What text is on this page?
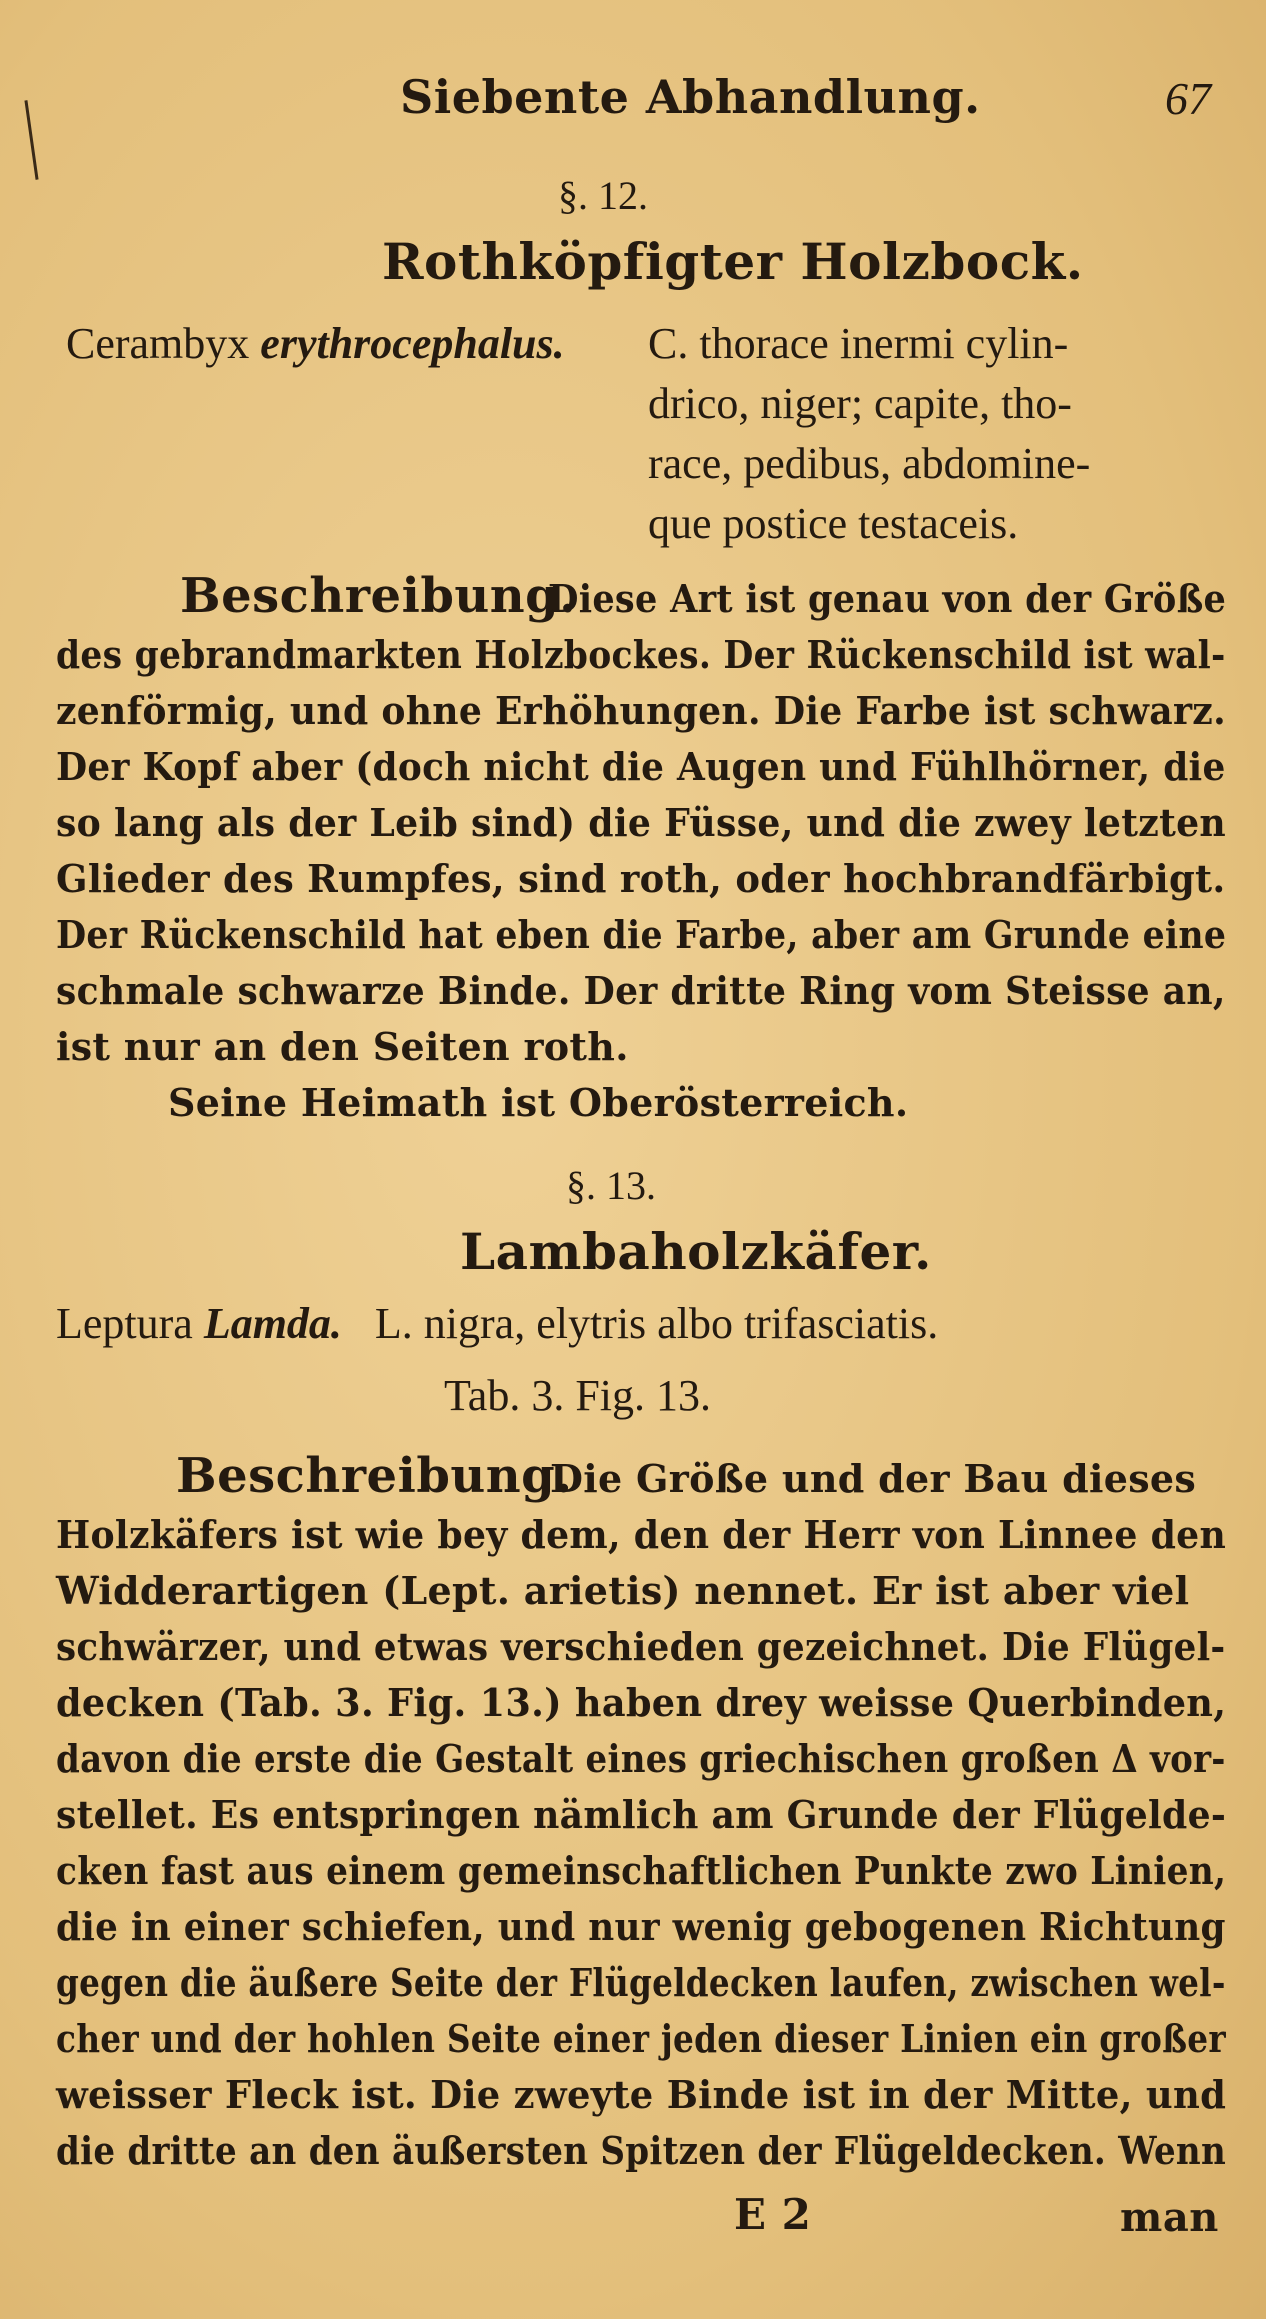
Siebente Abhandlung.	67
§. 12.
Rothköpfigter Holzbock.
Cerambyx erythrocephalus. C. thorace inermi cylin-
drico, niger; capite, tho-
race, pedibus, abdomine-
que postice testaceis.
Beschreibung.
Diese Art ist genau von der Größe
des gebrandmarkten Holzbockes. Der Rückenschild ist wal-
zenförmig, und ohne Erhöhungen. Die Farbe ist schwarz.
Der Kopf aber (doch nicht die Augen und Fühlhörner, die
so lang als der Leib sind) die Füsse, und die zwey letzten
Glieder des Rumpfes, sind roth, oder hochbrandfärbigt.
Der Rückenschild hat eben die Farbe, aber am Grunde eine
schmale schwarze Binde. Der dritte Ring vom Steisse an,
ist nur an den Seiten roth.
Seine Heimath ist Oberösterreich.
§. 13.
Lambaholzkäfer.
Leptura Lamda. L. nigra, elytris albo trifasciatis.
Tab. 3. Fig. 13.
Beschreibung.
Die Größe und der Bau dieses
Holzkäfers ist wie bey dem, den der Herr von Linnee den
Widderartigen (Lept. arietis) nennet. Er ist aber viel
schwärzer, und etwas verschieden gezeichnet. Die Flügel-
decken (Tab. 3. Fig. 13.) haben drey weisse Querbinden,
davon die erste die Gestalt eines griechischen großen Δ vor-
stellet. Es entspringen nämlich am Grunde der Flügelde-
cken fast aus einem gemeinschaftlichen Punkte zwo Linien,
die in einer schiefen, und nur wenig gebogenen Richtung
gegen die äußere Seite der Flügeldecken laufen, zwischen wel-
cher und der hohlen Seite einer jeden dieser Linien ein großer
weisser Fleck ist. Die zweyte Binde ist in der Mitte, und
die dritte an den äußersten Spitzen der Flügeldecken. Wenn
E 2	man
